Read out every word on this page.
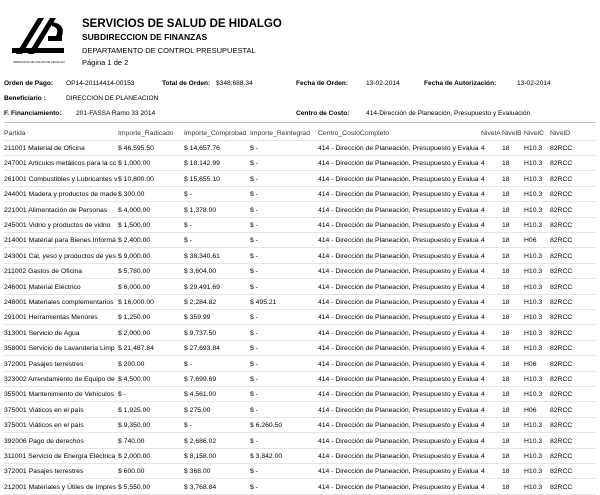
SERVICIOS DE SALUD DE HIDALGO
SERVICIOS DE SALUD DE HIDALGO
SUBDIRECCION DE FINANZAS
DEPARTAMENTO DE CONTROL PRESUPUESTAL
Página 1 de 2
Orden de Pago: OP14-20114414-00153	Total de Orden: $348,688.34	Fecha de Orden:	13-02-2014	Fecha de Autorización:	13-02-2014
Beneficiario :	DIRECCION DE PLANEACION
F. Financiamiento: 201-FASSA Ramo 33 2014	Centro de Costo:	414-Dirección de Planeación, Presupuesto y Evaluación
Partida	Importe_Radicado	Importe_Comprobad Importe_Reintegrad	Centro_CostoCompleto	NivelA NivelB NivelC NivelD
211001 Material de Oficina	$ 46,595.50	$ 14,657.76	$ -	414 - Dirección de Planeación, Presupuesto y Evalua 4	18	H10.3	82RCC
247001 Articulos metálicos para la cc $ 1,000.00	$ 18,142.99	$ -	414 - Dirección de Planeación, Presupuesto y Evalua 4	18	H10.3	82RCC
261001 Combustibles y Lubricantes v $ 10,800.00	$ 15,655.10	$ -	414 - Dirección de Planeación, Presupuesto y Evalua 4	18	H10.3	82RCC
244001 Madera y productos de made $ 300.00	$ -	$ -	414 - Dirección de Planeación, Presupuesto y Evalua 4	18	H10.3	82RCC
221001 Alimentación de Personas	$ 4,000.00	$ 1,378.00	$ -	414 - Dirección de Planeación, Presupuesto y Evalua 4	18	H10.3	82RCC
245001 Vidrio y productos de vidrio	$ 1,500.00	$ -	$ -	414 - Dirección de Planeación, Presupuesto y Evalua 4	18	H10.3	82RCC
214001 Material para Bienes Informá $ 2,400.00	$ -	$ -	414 - Dirección de Planeación, Presupuesto y Evalua 4	18	H06	82RCC
243001 Cal, yeso y productos de yes $ 9,000.00	$ 38,340.61	$ -	414 - Dirección de Planeación, Presupuesto y Evalua 4	18	H10.3	82RCC
211002 Gastos de Oficina	$ 5,780.00	$ 3,604.00	$ -	414 - Dirección de Planeación, Presupuesto y Evalua 4	18	H10.3	82RCC
246001 Material Eléctrico	$ 6,000.00	$ 29,491.69	$ -	414 - Dirección de Planeación, Presupuesto y Evalua 4	18	H10.3	82RCC
248001 Materiales complementarios $ 16,000.00	$ 2,284.82	$ 495.21	414 - Dirección de Planeación, Presupuesto y Evalua 4	18	H10.3	82RCC
291001 Herramientas Menores	$ 1,250.00	$ 359.99	$ -	414 - Dirección de Planeación, Presupuesto y Evalua 4	18	H10.3	82RCC
313001 Servicio de Agua	$ 2,000.00	$ 9,737.50	$ -	414 - Dirección de Planeación, Presupuesto y Evalua 4	18	H10.3	82RCC
358001 Servicio de Lavandería Limp $ 21,487.84	$ 27,693.84	$ -	414 - Dirección de Planeación, Presupuesto y Evalua 4	18	H10.3	82RCC
372001 Pasajes terrestres	$ 200.00	$ -	$ -	414 - Dirección de Planeación, Presupuesto y Evalua 4	18	H06	82RCC
323002 Arrendamiento de Equipo de $ 4,500.00	$ 7,699.69	$ -	414 - Dirección de Planeación, Presupuesto y Evalua 4	18	H10.3	82RCC
355001 Mantenimiento de Vehículos $ -	$ 4,561.00	$ -	414 - Dirección de Planeación, Presupuesto y Evalua 4	18	H10.3	82RCC
375001 Viáticos en el país	$ 1,925.00	$ 275.00	$ -	414 - Dirección de Planeación, Presupuesto y Evalua 4	18	H06	82RCC
375001 Viáticos en el país	$ 9,350.00	$ -	$ 6,260.50	414 - Dirección de Planeación, Presupuesto y Evalua 4	18	H10.3	82RCC
392006 Pago de derechos	$ 740.00	$ 2,686.02	$ -	414 - Dirección de Planeación, Presupuesto y Evalua 4	18	H10.3	82RCC
311001 Servicio de Energía Eléctrica $ 2,000.00	$ 8,158.00	$ 3,842.00	414 - Dirección de Planeación, Presupuesto y Evalua 4	18	H10.3	82RCC
372001 Pasajes terrestres	$ 600.00	$ 368.00	$ -	414 - Dirección de Planeación, Presupuesto y Evalua 4	18	H10.3	82RCC
212001 Materiales y Útiles de Impres $ 5,550.00	$ 3,768.84	$ -	414 - Dirección de Planeación, Presupuesto y Evalua 4	18	H10.3	82RCC
